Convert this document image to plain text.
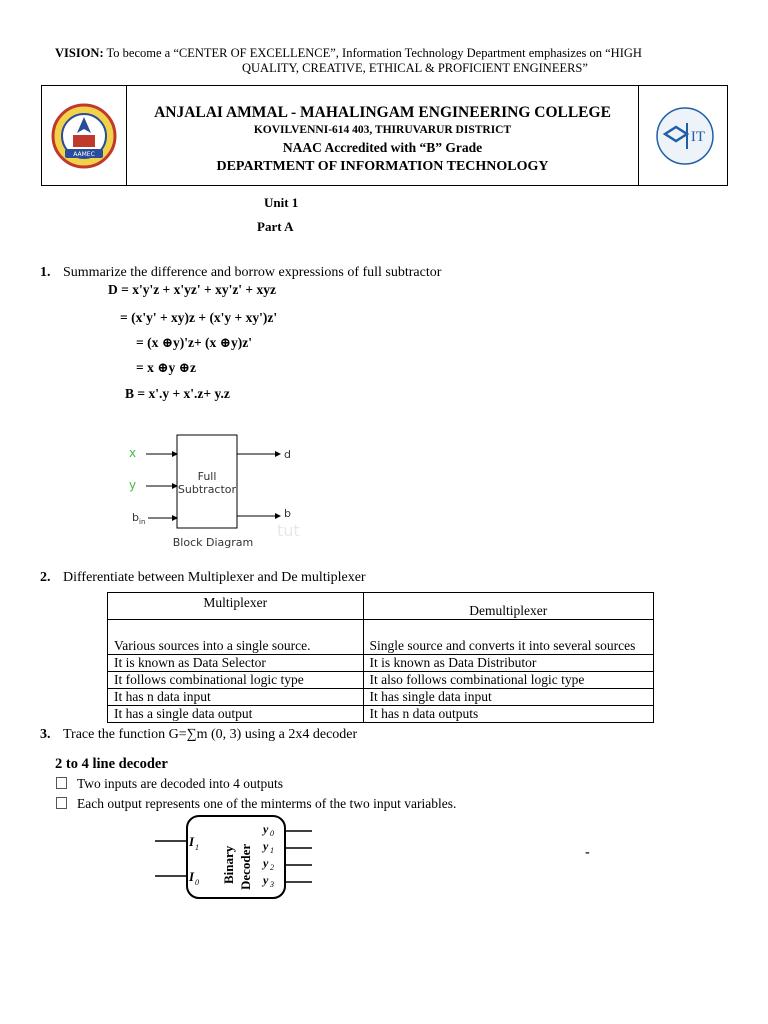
VISION: To become a “CENTER OF EXCELLENCE”, Information Technology Department emphasizes on “HIGH
QUALITY, CREATIVE, ETHICAL & PROFICIENT ENGINEERS”
AAMEC
ANJALAI AMMAL - MAHALINGAM ENGINEERING COLLEGE
KOVILVENNI-614 403, THIRUVARUR DISTRICT
NAAC Accredited with “B” Grade
DEPARTMENT OF INFORMATION TECHNOLOGY
IT
Unit 1
Part A
1. Summarize the difference and borrow expressions of full subtractor
D = x'y'z + x'yz' + xy'z' + xyz
= (x'y' + xy)z + (x'y + xy')z'
= (x ⊕y)'z+ (x ⊕y)z'
= x ⊕y ⊕z
B = x'.y + x'.z+ y.z
x
y
b in
Full
Subtractor
d
b
tut
Block Diagram
2. Differentiate between Multiplexer and De multiplexer
Multiplexer	Demultiplexer
Various sources into a single source.	Single source and converts it into several sources
It is known as Data Selector	It is known as Data Distributor
It follows combinational logic type	It also follows combinational logic type
It has n data input	It has single data input
It has a single data output	It has n data outputs
3. Trace the function G=∑m (0, 3) using a 2x4 decoder
2 to 4 line decoder
Two inputs are decoded into 4 outputs
Each output represents one of the minterms of the two input variables.
I 1
I 0 Binary Decoder
y 0
y 1
y 2
y 3
-
